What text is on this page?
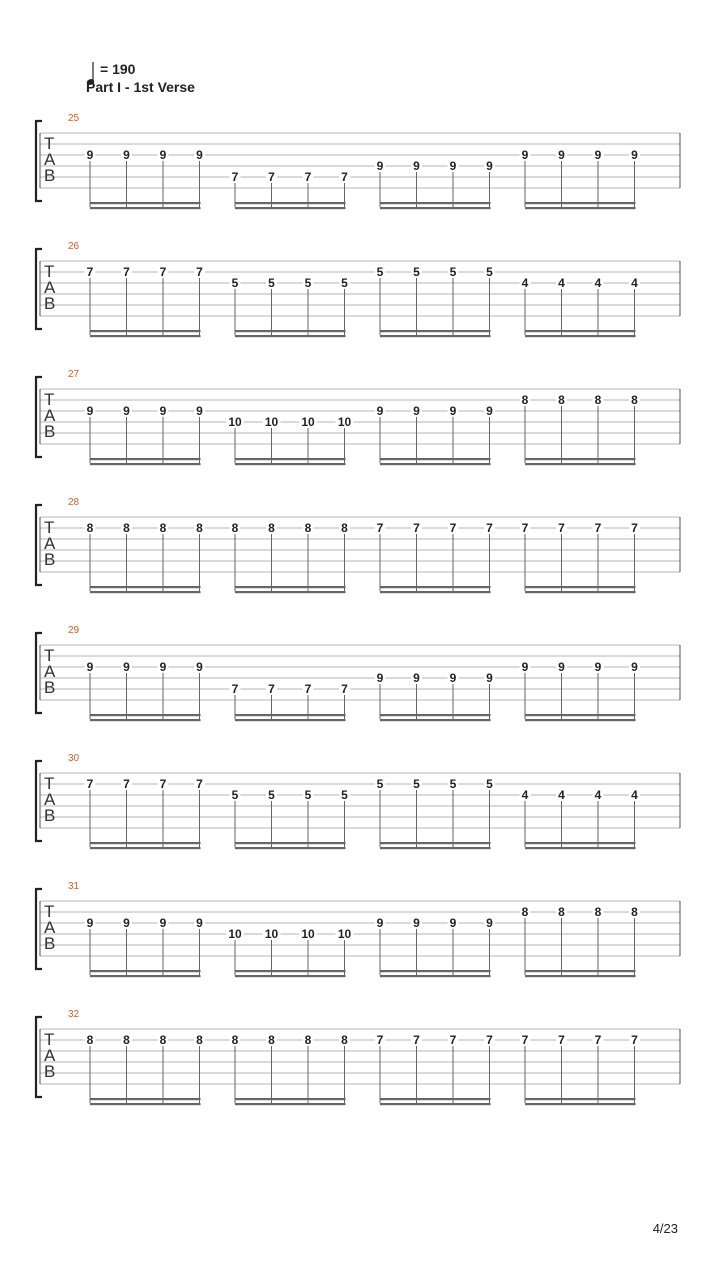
= 190
Part I - 1st Verse
25
T
A
B
9 9 9 9
7 7 7 7
9 9 9 9
9 9 9 9
26
T
A
B
7 7 7 7
5 5 5 5
5 5 5 5
4 4 4 4
27
T
A
B
9 9 9 9
10 10 10 10
9 9 9 9
8 8 8 8
28
T
A
B
8 8 8 8 8 8 8 8 7 7 7 7 7 7 7 7
29
T
A
B
9 9 9 9
7 7 7 7
9 9 9 9
9 9 9 9
30
T
A
B
7 7 7 7
5 5 5 5
5 5 5 5
4 4 4 4
31
T
A
B
9 9 9 9
10 10 10 10
9 9 9 9
8 8 8 8
32
T
A
B
8 8 8 8 8 8 8 8 7 7 7 7 7 7 7 7
4/23
